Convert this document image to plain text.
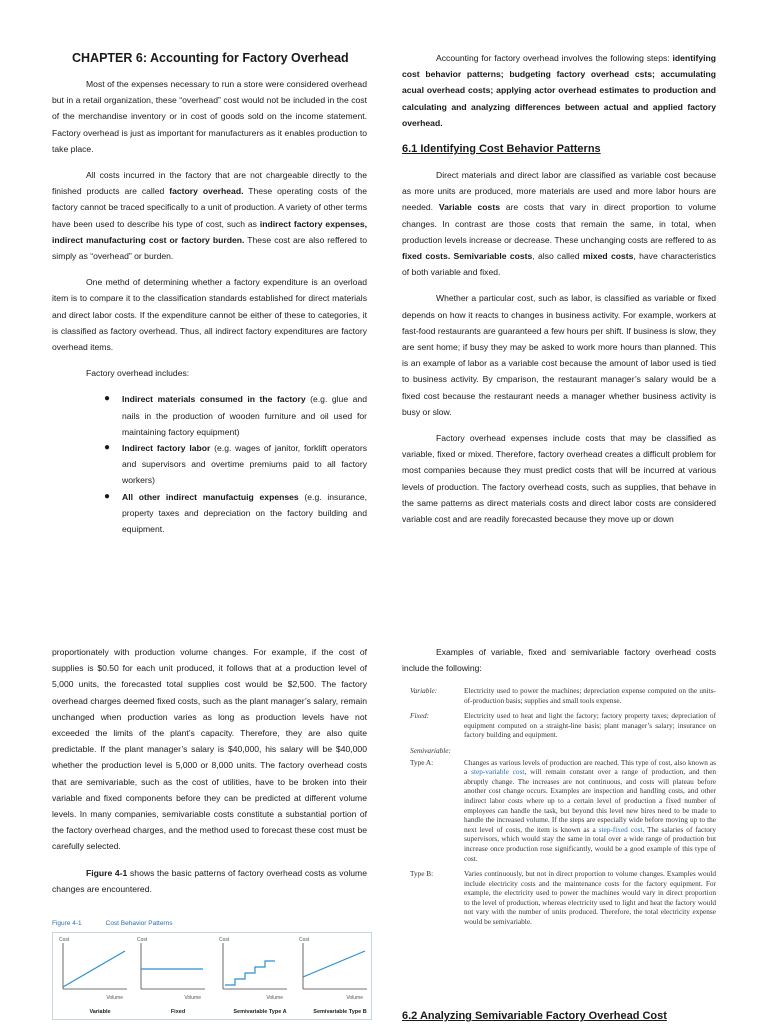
CHAPTER 6: Accounting for Factory Overhead

Most of the expenses necessary to run a store were considered overhead but in a retail organization, these “overhead” cost would not be included in the cost of the merchandise inventory or in cost of goods sold on the income statement. Factory overhead is just as important for manufacturers as it enables production to take place.

All costs incurred in the factory that are not chargeable directly to the finished products are called factory overhead. These operating costs of the factory cannot be traced specifically to a unit of production. A variety of other terms have been used to describe his type of cost, such as indirect factory expenses, indirect manufacturing cost or factory burden. These cost are also reffered to simply as “overhead” or burden.

One methd of determining whether a factory expenditure is an overload item is to compare it to the classification standards established for direct materials and direct labor costs. If the expenditure cannot be either of these to categories, it is classified as factory overhead. Thus, all indirect factory expenditures are factory overhead items.

Factory overhead includes:

● Indirect materials consumed in the factory (e.g. glue and nails in the production of wooden furniture and oil used for maintaining factory equipment)
● Indirect factory labor (e.g. wages of janitor, forklift operators and supervisors and overtime premiums paid to all factory workers)
● All other indirect manufactuig expenses (e.g. insurance, property taxes and depreciation on the factory building and equipment.

Accounting for factory overhead involves the following steps: identifying cost behavior patterns; budgeting factory overhead csts; accumulating acual overhead costs; applying actor overhead estimates to production and calculating and analyzing differences between actual and applied factory overhead.

6.1 Identifying Cost Behavior Patterns

Direct materials and direct labor are classified as variable cost because as more units are produced, more materials are used and more labor hours are needed. Variable costs are costs that vary in direct proportion to volume changes. In contrast are those costs that remain the same, in total, when production levels increase or decrease. These unchanging costs are reffered to as fixed costs. Semivariable costs, also called mixed costs, have characteristics of both variable and fixed.

Whether a particular cost, such as labor, is classified as variable or fixed depends on how it reacts to changes in business activity. For example, workers at fast-food restaurants are guaranteed a few hours per shift. If business is slow, they are sent home; if busy they may be asked to work more hours than planned. This is an example of labor as a variable cost because the amount of labor used is tied to business activity. By cmparison, the restaurant manager’s salary would be a fixed cost because the restaurant needs a manager whether business activity is busy or slow.

Factory overhead expenses include costs that may be classified as variable, fixed or mixed. Therefore, factory overhead creates a difficult problem for most companies because they must predict costs that will be incurred at various levels of production. The factory overhead costs, such as supplies, that behave in the same patterns as direct materials costs and direct labor costs are considered variable cost and are readily forecasted because they move up or down

proportionately with production volume changes. For example, if the cost of supplies is $0.50 for each unit produced, it follows that at a production level of 5,000 units, the forecasted total supplies cost would be $2,500. The factory overhead charges deemed fixed costs, such as the plant manager’s salary, remain unchanged when production varies as long as production levels have not exceeded the limits of the plant’s capacity. Therefore, they are also quite predictable. If the plant manager’s salary is $40,000, his salary will be $40,000 whether the production level is 5,000 or 8,000 units. The factory overhead costs that are semivariable, such as the cost of utilities, have to be broken into their variable and fixed components before they can be predicted at different volume levels. In many companies, semivariable costs constitute a substantial portion of the factory overhead charges, and the method used to forecast these cost must be carefully selected.

Figure 4-1 shows the basic patterns of factory overhead costs as volume changes are encountered.

Figure 4-1	Cost Behavior Patterns
Cost
Volume
Variable
Cost
Volume
Fixed
Cost
Volume
Semivariable Type A
Cost
Volume
Semivariable Type B

Examples of variable, fixed and semivariable factory overhead costs include the following:

Variable:	Electricity used to power the machines; depreciation expense computed on the units-of-production basis; supplies and small tools expense.
Fixed:	Electricity used to heat and light the factory; factory property taxes; depreciation of equipment computed on a straight-line basis; plant manager’s salary; insurance on factory building and equipment.
Semivariable:
Type A:	Changes as various levels of production are reached. This type of cost, also known as a step-variable cost, will remain constant over a range of production, and then abruptly change. The increases are not continuous, and costs will plateau before another cost change occurs. Examples are inspection and handling costs, and other indirect labor costs where up to a certain level of production a fixed number of employees can handle the task, but beyond this level new hires need to be made to handle the increased volume. If the steps are especially wide before moving up to the next level of costs, the item is known as a step-fixed cost. The salaries of factory supervisors, which would stay the same in total over a wide range of production but increase once production rose significantly, would be a good example of this type of cost.
Type B:	Varies continuously, but not in direct proportion to volume changes. Examples would include electricity costs and the maintenance costs for the factory equipment. For example, the electricity used to power the machines would vary in direct proportion to the level of production, whereas electricity used to light and heat the factory would not vary with the number of units produced. Therefore, the total electricity expense would be semivariable.
6.2 Analyzing Semivariable Factory Overhead Cost
